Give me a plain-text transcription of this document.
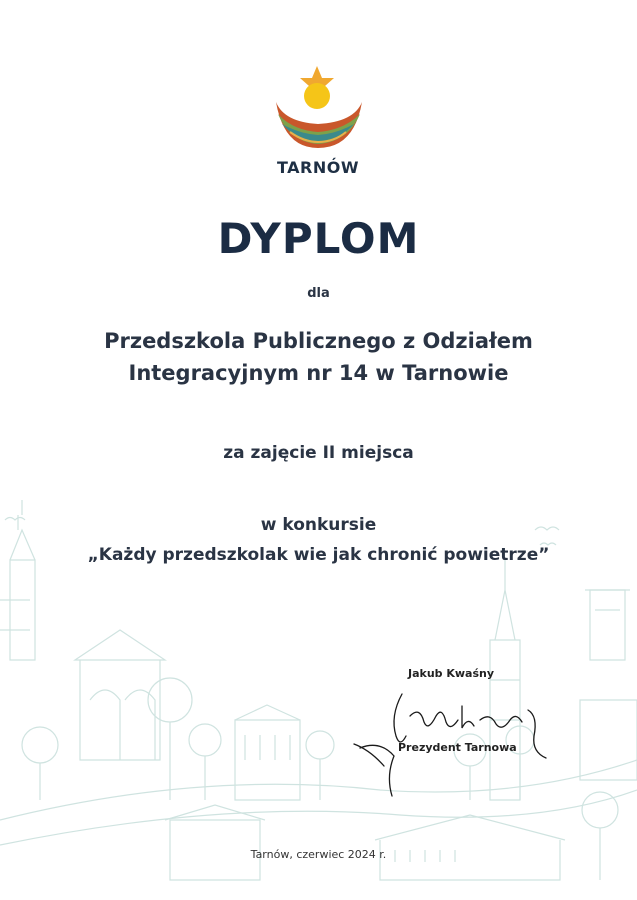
TARNÓW
DYPLOM
dla
Przedszkola Publicznego z Odziałem
Integracyjnym nr 14 w Tarnowie
za zajęcie II miejsca
w konkursie
„Każdy przedszkolak wie jak chronić powietrze”
Jakub Kwaśny
Prezydent Tarnowa
Tarnów, czerwiec 2024 r.
